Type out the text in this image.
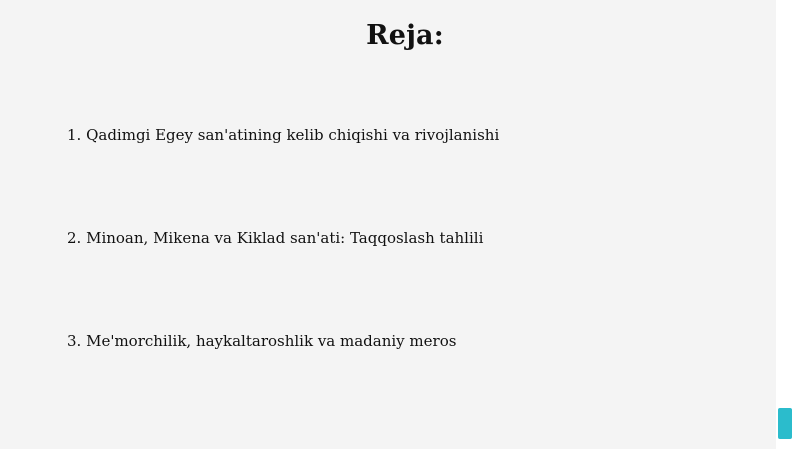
Reja:
1. Qadimgi Egey san'atining kelib chiqishi va rivojlanishi
2. Minoan, Mikena va Kiklad san'ati: Taqqoslash tahlili
3. Me'morchilik, haykaltaroshlik va madaniy meros
